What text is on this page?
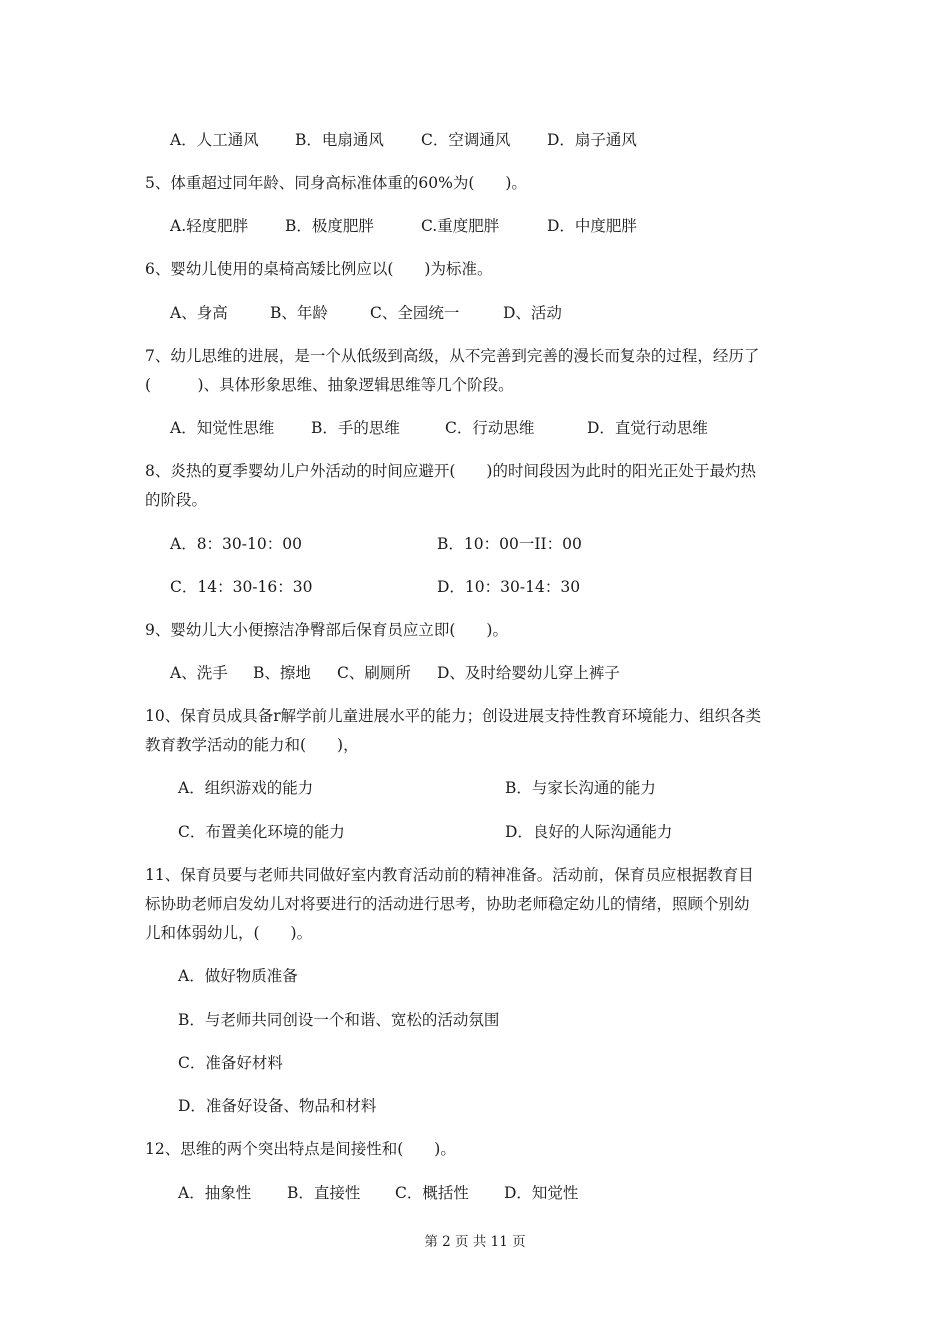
A．人工通风 B．电扇通风 C．空调通风 D．扇子通风
5、体重超过同年龄、同身高标准体重的60%为(　　)。
A.轻度肥胖 B．极度肥胖	C.重度肥胖	D．中度肥胖
6、婴幼儿使用的桌椅高矮比例应以(　　)为标准。
A、身高	B、年龄	C、全园统一	D、活动
7、幼儿思维的进展，是一个从低级到高级，从不完善到完善的漫长而复杂的过程，经历了
(　　　)、具体形象思维、抽象逻辑思维等几个阶段。
A．知觉性思维 B．手的思维	C．行动思维	D．直觉行动思维
8、炎热的夏季婴幼儿户外活动的时间应避开(　　)的时间段因为此时的阳光正处于最灼热
的阶段。
A．8：30-10：00	B．10：00一II：00
C．14：30-16：30	D．10：30-14：30
9、婴幼儿大小便擦洁净臀部后保育员应立即(　　)。
A、洗手 B、擦地 C、刷厕所 D、及时给婴幼儿穿上裤子
10、保育员成具备r解学前儿童进展水平的能力；创设进展支持性教育环境能力、组织各类
教育教学活动的能力和(　　)，
A．组织游戏的能力	B．与家长沟通的能力
C．布置美化环境的能力	D．良好的人际沟通能力
11、保育员要与老师共同做好室内教育活动前的精神准备。活动前，保育员应根据教育目
标协助老师启发幼儿对将要进行的活动进行思考，协助老师稳定幼儿的情绪，照顾个别幼
儿和体弱幼儿，(　　)。
A．做好物质准备
B．与老师共同创设一个和谐、宽松的活动氛围
C．准备好材料
D．准备好设备、物品和材料
12、思维的两个突出特点是间接性和(　　)。
A．抽象性 B．直接性 C．概括性 D．知觉性
第 2 页 共 11 页
